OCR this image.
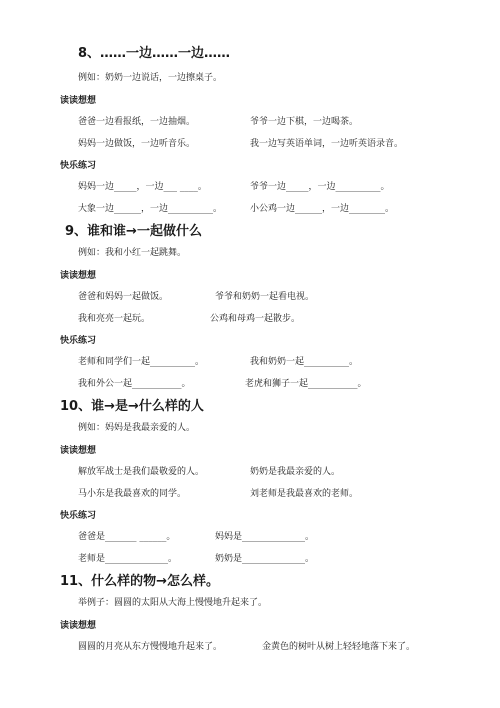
8、……一边……一边……
例如：奶奶一边说话，一边擦桌子。
读读想想
爸爸一边看报纸，一边抽烟。	爷爷一边下棋，一边喝茶。
妈妈一边做饭，一边听音乐。	我一边写英语单词，一边听英语录音。
快乐练习
妈妈一边_____，一边___ ____。	爷爷一边_____，一边__________。
大象一边______，一边__________。	小公鸡一边______，一边________。
9、谁和谁→一起做什么
例如：我和小红一起跳舞。
读读想想
爸爸和妈妈一起做饭。	爷爷和奶奶一起看电视。
我和亮亮一起玩。	公鸡和母鸡一起散步。
快乐练习
老师和同学们一起__________。	我和奶奶一起__________。
我和外公一起___________。	老虎和狮子一起___________。
10、谁→是→什么样的人
例如：妈妈是我最亲爱的人。
读读想想
解放军战士是我们最敬爱的人。	奶奶是我最亲爱的人。
马小东是我最喜欢的同学。	刘老师是我最喜欢的老师。
快乐练习
爸爸是_______ ______。	妈妈是______________。
老师是______________。	奶奶是______________。
11、什么样的物→怎么样。
举例子：圆圆的太阳从大海上慢慢地升起来了。
读读想想
圆圆的月亮从东方慢慢地升起来了。	金黄色的树叶从树上轻轻地落下来了。
